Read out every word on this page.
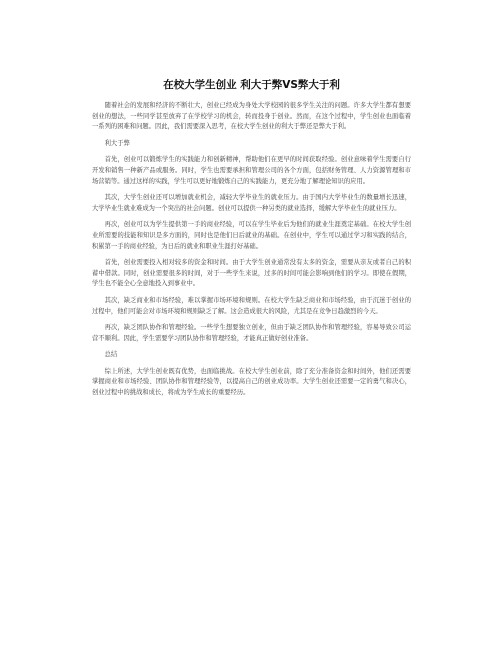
在校大学生创业 利大于弊VS弊大于利

随着社会的发展和经济的不断壮大，创业已经成为身处大学校园的很多学生关注的问题。许多大学生都有想要创业的想法，一些同学甚至放弃了在学校学习的机会，转而投身于创业。然而，在这个过程中，学生创业也面临着一系列的困难和问题。因此，我们需要深入思考，在校大学生创业的利大于弊还是弊大于利。

利大于弊

首先，创业可以锻炼学生的实践能力和创新精神，帮助他们在更早的时间获取经验。创业意味着学生需要自行开发和销售一种新产品或服务。同时，学生也需要承担和管理公司的各个方面，包括财务管理、人力资源管理和市场营销等。通过这样的实践，学生可以更好地锻炼自己的实践能力，更充分地了解理论知识的应用。

其次，大学生创业还可以增加就业机会，减轻大学毕业生的就业压力。由于国内大学毕业生的数量增长迅速，大学毕业生就业难成为一个突出的社会问题。创业可以提供一种另类的就业选择，缓解大学毕业生的就业压力。

再次，创业可以为学生提供第一手的商业经验，可以在学生毕业后为他们的就业生涯奠定基础。在校大学生创业所需要的技能和知识是多方面的，同时也是他们日后就业的基础。在创业中，学生可以通过学习和实践的结合，积累第一手的商业经验，为日后的就业和职业生涯打好基础。

首先，创业需要投入相对较多的资金和时间。由于大学生创业通常没有太多的资金，需要从亲友或者自己的积蓄中借款。同时，创业需要很多的时间，对于一些学生来说，过多的时间可能会影响到他们的学习。即使在假期，学生也不能全心全意地投入到事业中。

其次，缺乏商业和市场经验，难以掌握市场环境和规则。在校大学生缺乏商业和市场经验，由于沉迷于创业的过程中，他们可能会对市场环境和规则缺乏了解。这会造成很大的风险，尤其是在竞争日趋激烈的今天。

再次，缺乏团队协作和管理经验。一些学生想要独立创业，但由于缺乏团队协作和管理经验，容易导致公司运营不顺利。因此，学生需要学习团队协作和管理经验，才能真正做好创业准备。

总结

综上所述，大学生创业既有优势，也面临挑战。在校大学生创业前，除了充分准备资金和时间外，他们还需要掌握商业和市场经验、团队协作和管理经验等，以提高自己的创业成功率。大学生创业还需要一定的勇气和决心，创业过程中的挑战和成长，将成为学生成长的重要经历。
